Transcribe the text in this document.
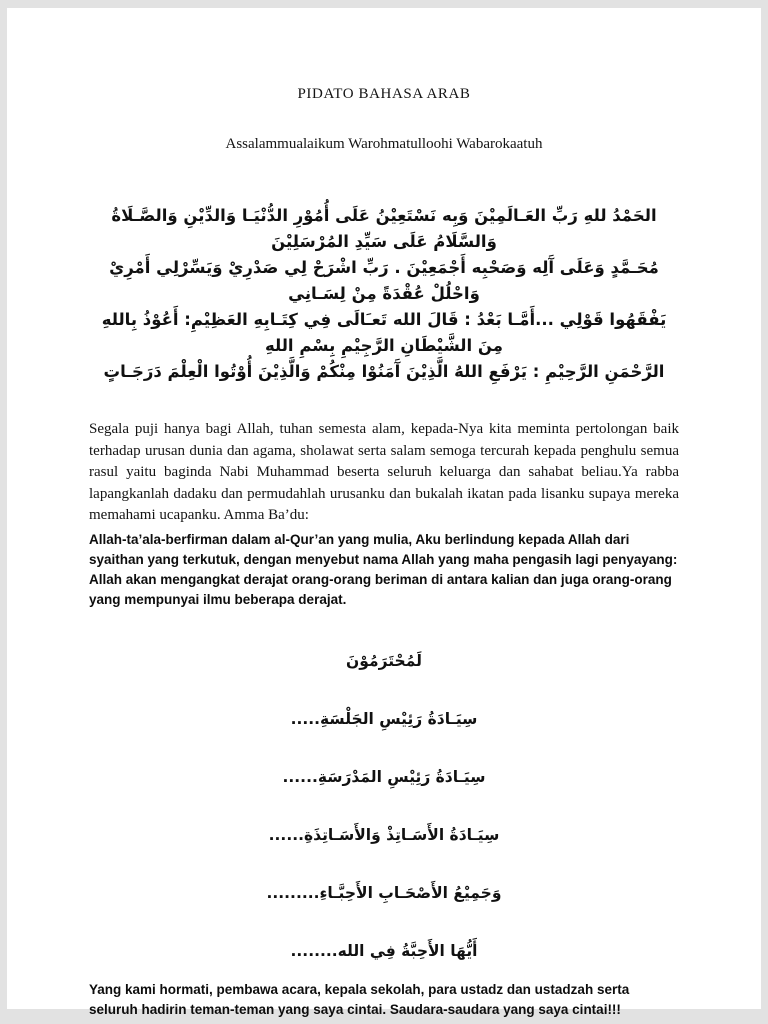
PIDATO BAHASA ARAB
Assalammualaikum Warohmatulloohi Wabarokaatuh
الحَمْدُ للهِ رَبِّ العَـالَمِيْنَ وَبِه نَسْتَعِيْنُ عَلَى أُمُوْرِ الدُّنْيَـا وَالدِّيْنِ وَالصَّـلَاةُ وَالسَّلَامُ عَلَى سَيِّدِ المُرْسَلِيْنَ
مُحَـمَّدٍ وَعَلَى آَلِه وَصَحْبِه أَجْمَعِيْنَ . رَبِّ اشْرَحْ لِي صَدْرِيْ وَيَسِّرْلِي أَمْرِيْ وَاحْلُلْ عُقْدَةً مِنْ لِسَـانِي
يَفْقَهُوا قَوْلِي ...أَمَّـا بَعْدُ : قَالَ الله تَعـَالَى فِي كِتَـابِهِ العَظِيْمِ: أَعُوْذُ بِاللهِ مِنَ الشَّيْطَانِ الرَّجِيْمِ بِسْمِ اللهِ
الرَّحْمَنِ الرَّحِيْمِ : يَرْفَعِ اللهُ الَّذِيْنَ آَمَنُوْا مِنْكُمْ وَالَّذِيْنَ أُوْتُوا الْعِلْمَ دَرَجَـاتٍ

Segala puji hanya bagi Allah, tuhan semesta alam, kepada-Nya kita meminta pertolongan baik terhadap urusan dunia dan agama, sholawat serta salam semoga tercurah kepada penghulu semua rasul yaitu baginda Nabi Muhammad beserta seluruh keluarga dan sahabat beliau.Ya rabba lapangkanlah dadaku dan permudahlah urusanku dan bukalah ikatan pada lisanku supaya mereka memahami ucapanku. Amma Ba’du:

Allah-ta’ala-berfirman dalam al-Qur’an yang mulia, Aku berlindung kepada Allah dari syaithan yang terkutuk, dengan menyebut nama Allah yang maha pengasih lagi penyayang: Allah akan mengangkat derajat orang-orang beriman di antara kalian dan juga orang-orang yang mempunyai ilmu beberapa derajat.

لَمُحْتَرَمُوْنَ
سِيَـادَةُ رَئِيْسِ الجَلْسَةِ.....
سِيَـادَةُ رَئِيْسِ المَدْرَسَةِ......
سِيَـادَةُ الأَسَـاتِذْ وَالأَسَـاتِذَةِ......
وَجَمِيْعُ الأَصْحَـابِ الأَحِبَّـاءِ.........
أَيُّهَا الأَحِبَّةُ فِي الله........

Yang kami hormati, pembawa acara, kepala sekolah, para ustadz dan ustadzah serta seluruh hadirin teman-teman yang saya cintai. Saudara-saudara yang saya cintai!!!
